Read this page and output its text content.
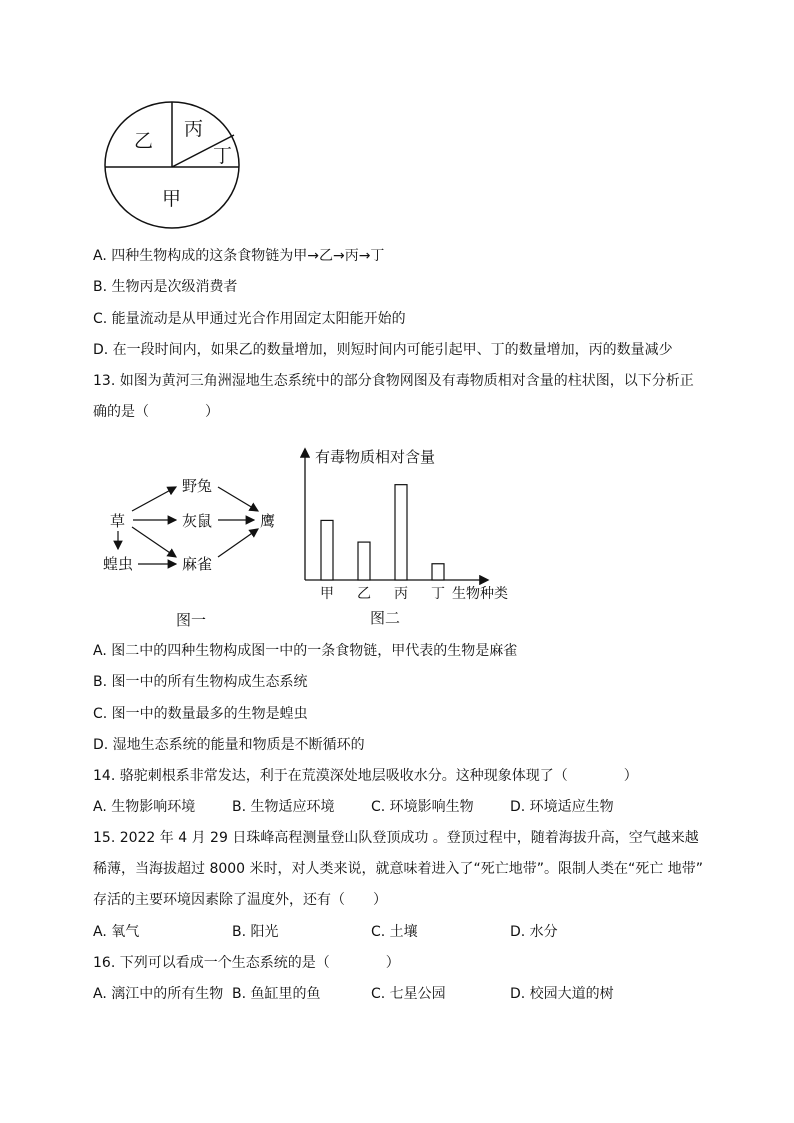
乙
丙
丁
甲
A. 四种生物构成的这条食物链为甲→乙→丙→丁
B. 生物丙是次级消费者
C. 能量流动是从甲通过光合作用固定太阳能开始的
D. 在一段时间内，如果乙的数量增加，则短时间内可能引起甲、丁的数量增加，丙的数量减少
13. 如图为黄河三角洲湿地生态系统中的部分食物网图及有毒物质相对含量的柱状图，以下分析正
确的是（　　　　）
草
野兔
灰鼠	鹰
蝗虫	麻雀
图一
有毒物质相对含量
生物种类
甲 乙 丙 丁
图二
A. 图二中的四种生物构成图一中的一条食物链，甲代表的生物是麻雀
B. 图一中的所有生物构成生态系统
C. 图一中的数量最多的生物是蝗虫
D. 湿地生态系统的能量和物质是不断循环的
14. 骆驼刺根系非常发达，利于在荒漠深处地层吸收水分。这种现象体现了（　　　　）
A. 生物影响环境	B. 生物适应环境	C. 环境影响生物	D. 环境适应生物
15. 2022 年 4 月 29 日珠峰高程测量登山队登顶成功 。登顶过程中，随着海拔升高，空气越来越
稀薄，当海拔超过 8000 米时，对人类来说，就意味着进入了“死亡地带”。限制人类在“死亡 地带”
存活的主要环境因素除了温度外，还有（　　）
A. 氧气	B. 阳光	C. 土壤	D. 水分
16. 下列可以看成一个生态系统的是（　　　　）
A. 漓江中的所有生物 B. 鱼缸里的鱼	C. 七星公园	D. 校园大道的树
